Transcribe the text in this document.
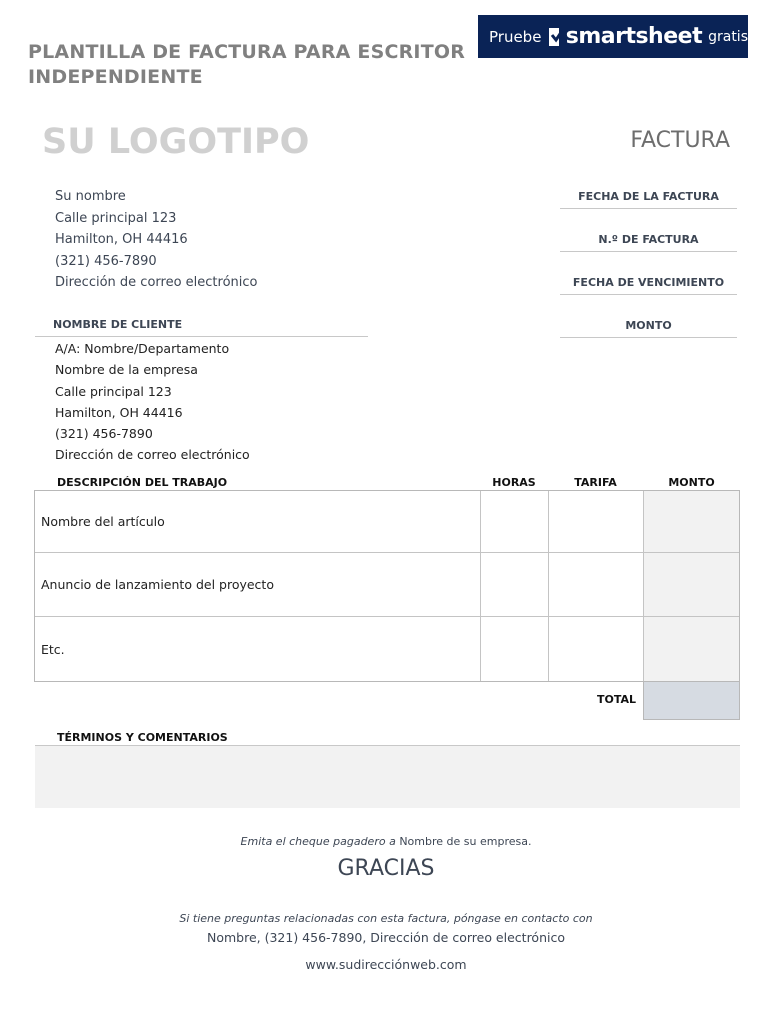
PLANTILLA DE FACTURA PARA ESCRITOR
INDEPENDIENTE
Pruebe smartsheet gratis
SU LOGOTIPO	FACTURA
Su nombre
Calle principal 123
Hamilton, OH 44416
(321) 456-7890
Dirección de correo electrónico
FECHA DE LA FACTURA
N.º DE FACTURA
FECHA DE VENCIMIENTO
MONTO
NOMBRE DE CLIENTE
A/A: Nombre/Departamento
Nombre de la empresa
Calle principal 123
Hamilton, OH 44416
(321) 456-7890
Dirección de correo electrónico
DESCRIPCIÓN DEL TRABAJO	HORAS	TARIFA	MONTO
Nombre del artículo
Anuncio de lanzamiento del proyecto
Etc.
TOTAL
TÉRMINOS Y COMENTARIOS
Emita el cheque pagadero a Nombre de su empresa.
GRACIAS
Si tiene preguntas relacionadas con esta factura, póngase en contacto con
Nombre, (321) 456-7890, Dirección de correo electrónico
www.sudirecciónweb.com
